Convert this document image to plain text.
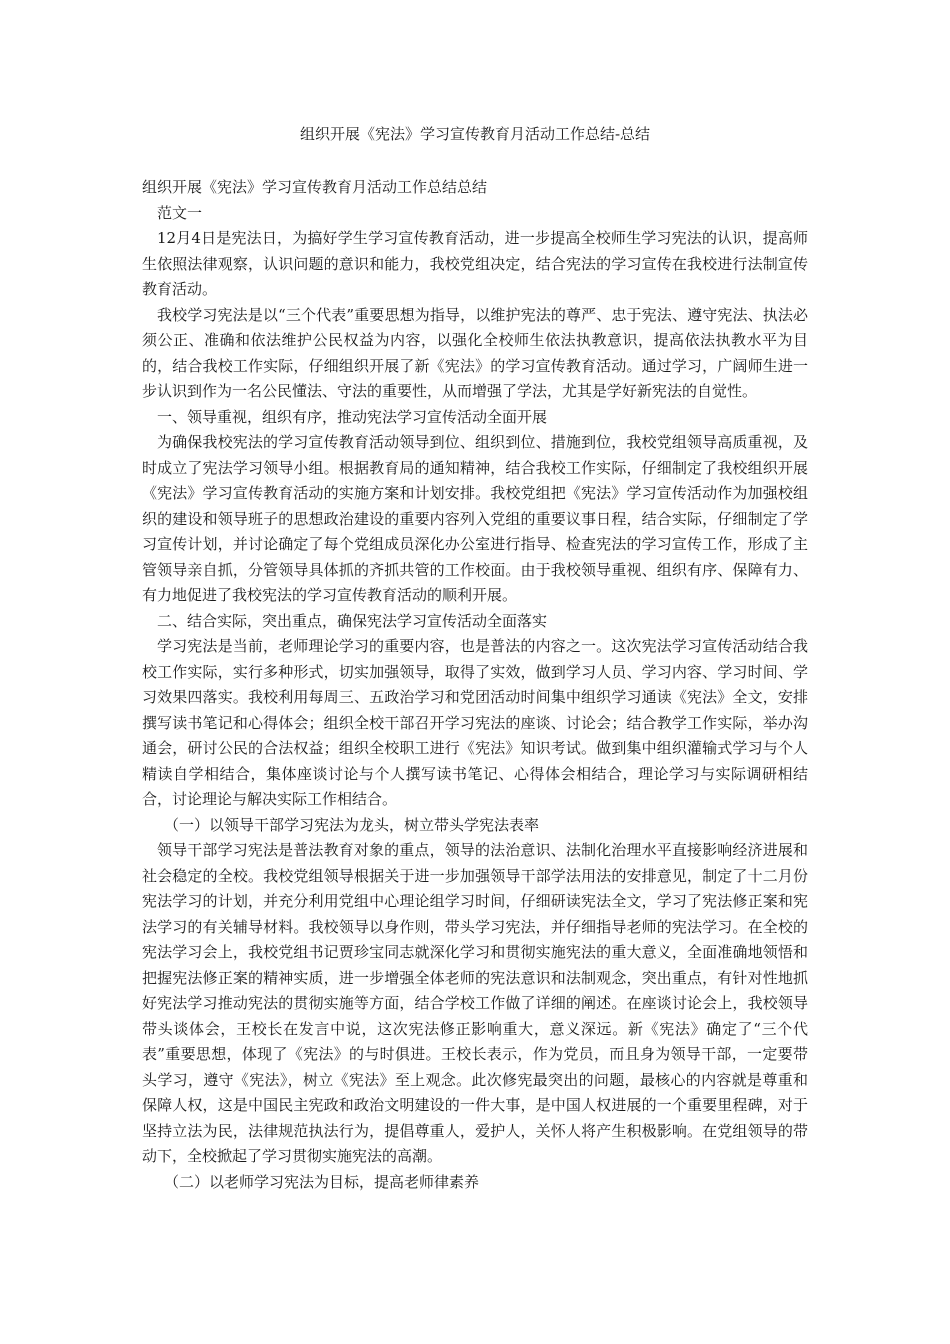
组织开展《宪法》学习宣传教育月活动工作总结-总结

组织开展《宪法》学习宣传教育月活动工作总结总结

范文一

12月4日是宪法日，为搞好学生学习宣传教育活动，进一步提高全校师生学习宪法的认识，提高师生依照法律观察，认识问题的意识和能力，我校党组决定，结合宪法的学习宣传在我校进行法制宣传教育活动。

我校学习宪法是以“三个代表”重要思想为指导，以维护宪法的尊严、忠于宪法、遵守宪法、执法必须公正、准确和依法维护公民权益为内容，以强化全校师生依法执教意识，提高依法执教水平为目的，结合我校工作实际，仔细组织开展了新《宪法》的学习宣传教育活动。通过学习，广阔师生进一步认识到作为一名公民懂法、守法的重要性，从而增强了学法，尤其是学好新宪法的自觉性。

一、领导重视，组织有序，推动宪法学习宣传活动全面开展

为确保我校宪法的学习宣传教育活动领导到位、组织到位、措施到位，我校党组领导高质重视，及时成立了宪法学习领导小组。根据教育局的通知精神，结合我校工作实际，仔细制定了我校组织开展《宪法》学习宣传教育活动的实施方案和计划安排。我校党组把《宪法》学习宣传活动作为加强校组织的建设和领导班子的思想政治建设的重要内容列入党组的重要议事日程，结合实际，仔细制定了学习宣传计划，并讨论确定了每个党组成员深化办公室进行指导、检查宪法的学习宣传工作，形成了主管领导亲自抓，分管领导具体抓的齐抓共管的工作校面。由于我校领导重视、组织有序、保障有力、有力地促进了我校宪法的学习宣传教育活动的顺利开展。

二、结合实际，突出重点，确保宪法学习宣传活动全面落实

学习宪法是当前，老师理论学习的重要内容，也是普法的内容之一。这次宪法学习宣传活动结合我校工作实际，实行多种形式，切实加强领导，取得了实效，做到学习人员、学习内容、学习时间、学习效果四落实。我校利用每周三、五政治学习和党团活动时间集中组织学习通读《宪法》全文，安排撰写读书笔记和心得体会；组织全校干部召开学习宪法的座谈、讨论会；结合教学工作实际，举办沟通会，研讨公民的合法权益；组织全校职工进行《宪法》知识考试。做到集中组织灌输式学习与个人精读自学相结合，集体座谈讨论与个人撰写读书笔记、心得体会相结合，理论学习与实际调研相结合，讨论理论与解决实际工作相结合。

（一）以领导干部学习宪法为龙头，树立带头学宪法表率

领导干部学习宪法是普法教育对象的重点，领导的法治意识、法制化治理水平直接影响经济进展和社会稳定的全校。我校党组领导根据关于进一步加强领导干部学法用法的安排意见，制定了十二月份宪法学习的计划，并充分利用党组中心理论组学习时间，仔细研读宪法全文，学习了宪法修正案和宪法学习的有关辅导材料。我校领导以身作则，带头学习宪法，并仔细指导老师的宪法学习。在全校的宪法学习会上，我校党组书记贾珍宝同志就深化学习和贯彻实施宪法的重大意义，全面准确地领悟和把握宪法修正案的精神实质，进一步增强全体老师的宪法意识和法制观念，突出重点，有针对性地抓好宪法学习推动宪法的贯彻实施等方面，结合学校工作做了详细的阐述。在座谈讨论会上，我校领导带头谈体会，王校长在发言中说，这次宪法修正影响重大，意义深远。新《宪法》确定了“三个代表”重要思想，体现了《宪法》的与时俱进。王校长表示，作为党员，而且身为领导干部，一定要带头学习，遵守《宪法》，树立《宪法》至上观念。此次修宪最突出的问题，最核心的内容就是尊重和保障人权，这是中国民主宪政和政治文明建设的一件大事，是中国人权进展的一个重要里程碑，对于坚持立法为民，法律规范执法行为，提倡尊重人，爱护人，关怀人将产生积极影响。在党组领导的带动下，全校掀起了学习贯彻实施宪法的高潮。

（二）以老师学习宪法为目标，提高老师律素养
